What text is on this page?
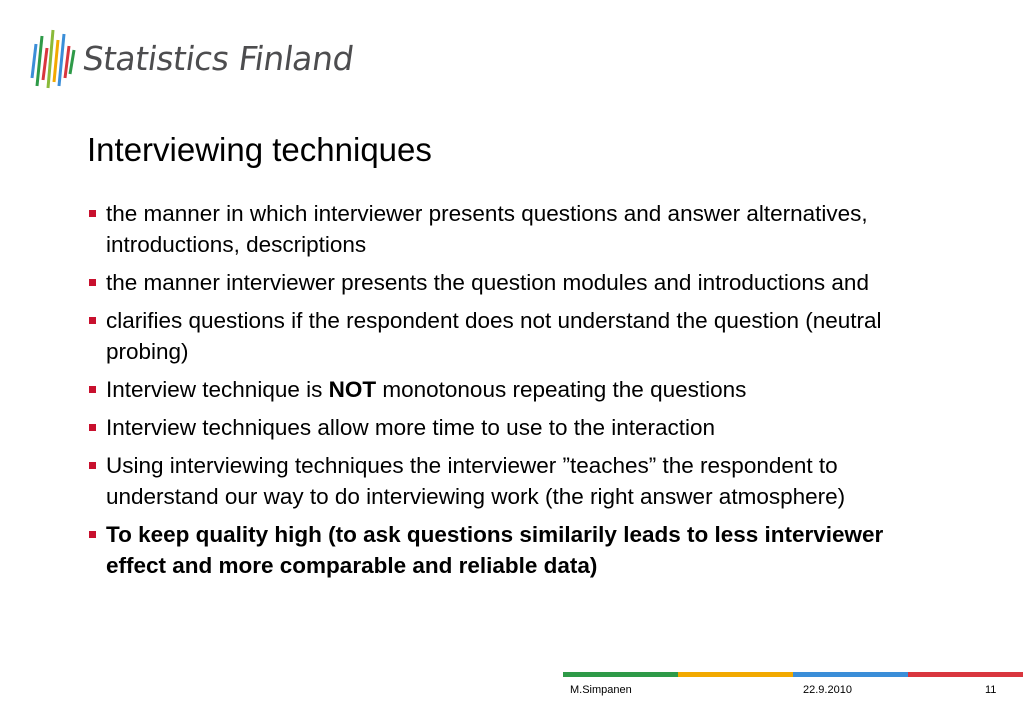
Statistics Finland
Interviewing techniques
the manner in which interviewer presents questions and answer alternatives, introductions, descriptions
the manner interviewer presents the question modules and introductions and
clarifies questions if the respondent does not understand the question (neutral probing)
Interview technique is NOT monotonous repeating the questions
Interview techniques allow more time to use to the interaction
Using interviewing techniques the interviewer ”teaches” the respondent to understand our way to do interviewing work (the right answer atmosphere)
To keep quality high (to ask questions similarily leads to less interviewer effect and more comparable and reliable data)
M.Simpanen	22.9.2010	11
